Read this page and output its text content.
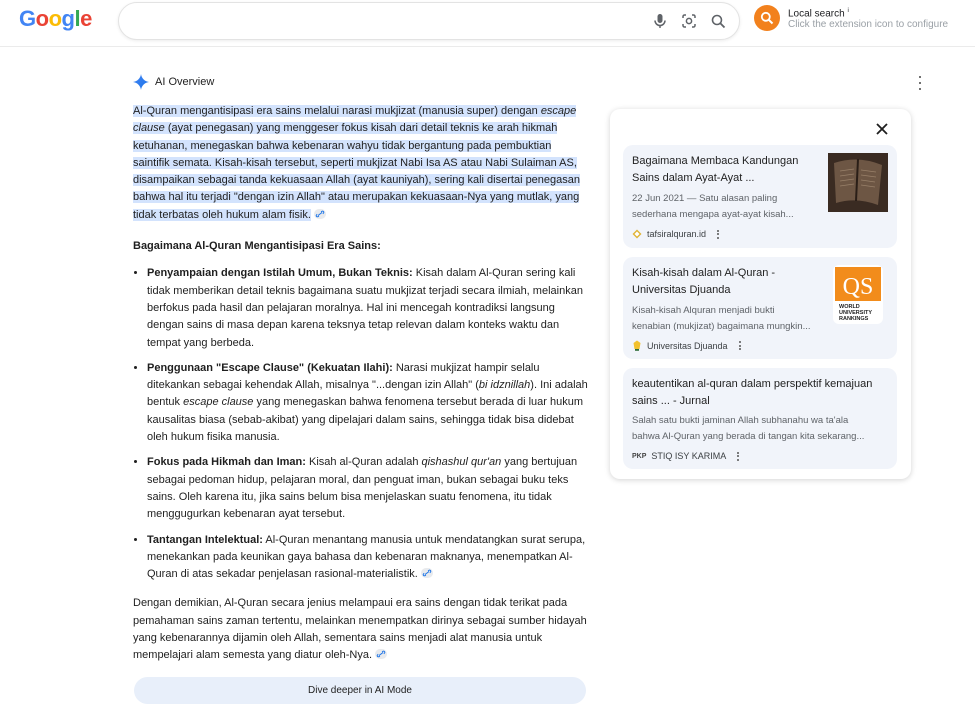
Google	Local search $^i$
Click the extension icon to configure
AI Overview

Al-Quran mengantisipasi era sains melalui narasi mukjizat (manusia super) dengan escape clause (ayat penegasan) yang menggeser fokus kisah dari detail teknis ke arah hikmah ketuhanan, menegaskan bahwa kebenaran wahyu tidak bergantung pada pembuktian saintifik semata. Kisah-kisah tersebut, seperti mukjizat Nabi Isa AS atau Nabi Sulaiman AS, disampaikan sebagai tanda kekuasaan Allah (ayat kauniyah), sering kali disertai penegasan bahwa hal itu terjadi "dengan izin Allah" atau merupakan kekuasaan-Nya yang mutlak, yang tidak terbatas oleh hukum alam fisik.

Bagaimana Al-Quran Mengantisipasi Era Sains:

• Penyampaian dengan Istilah Umum, Bukan Teknis: Kisah dalam Al-Quran sering kali tidak memberikan detail teknis bagaimana suatu mukjizat terjadi secara ilmiah, melainkan berfokus pada hasil dan pelajaran moralnya. Hal ini mencegah kontradiksi langsung dengan sains di masa depan karena teksnya tetap relevan dalam konteks waktu dan tempat yang berbeda.
• Penggunaan "Escape Clause" (Kekuatan Ilahi): Narasi mukjizat hampir selalu ditekankan sebagai kehendak Allah, misalnya "...dengan izin Allah" (bi idznillah). Ini adalah bentuk escape clause yang menegaskan bahwa fenomena tersebut berada di luar hukum kausalitas biasa (sebab-akibat) yang dipelajari dalam sains, sehingga tidak bisa didebat oleh hukum fisika manusia.
• Fokus pada Hikmah dan Iman: Kisah al-Quran adalah qishashul qur'an yang bertujuan sebagai pedoman hidup, pelajaran moral, dan penguat iman, bukan sebagai buku teks sains. Oleh karena itu, jika sains belum bisa menjelaskan suatu fenomena, itu tidak menggugurkan kebenaran ayat tersebut.
• Tantangan Intelektual: Al-Quran menantang manusia untuk mendatangkan surat serupa, menekankan pada keunikan gaya bahasa dan kebenaran maknanya, menempatkan Al-Quran di atas sekadar penjelasan rasional-materialistik.

Dengan demikian, Al-Quran secara jenius melampaui era sains dengan tidak terikat pada pemahaman sains zaman tertentu, melainkan menempatkan dirinya sebagai sumber hidayah yang kebenarannya dijamin oleh Allah, sementara sains menjadi alat manusia untuk mempelajari alam semesta yang diatur oleh-Nya.

Dive deeper in AI Mode
Bagaimana Membaca Kandungan Sains dalam Ayat-Ayat ...
22 Jun 2021 — Satu alasan paling
sederhana mengapa ayat-ayat kisah...
tafsiralquran.id
Kisah-kisah dalam Al-Quran - Universitas Djuanda
Kisah-kisah Alquran menjadi bukti
kenabian (mukjizat) bagaimana mungkin...
Universitas Djuanda
QS
WORLD
UNIVERSITY
RANKINGS
keautentikan al-quran dalam perspektif kemajuan sains ... - Jurnal
Salah satu bukti jaminan Allah subhanahu wa ta'ala
bahwa Al-Quran yang berada di tangan kita sekarang...
PKP STIQ ISY KARIMA
